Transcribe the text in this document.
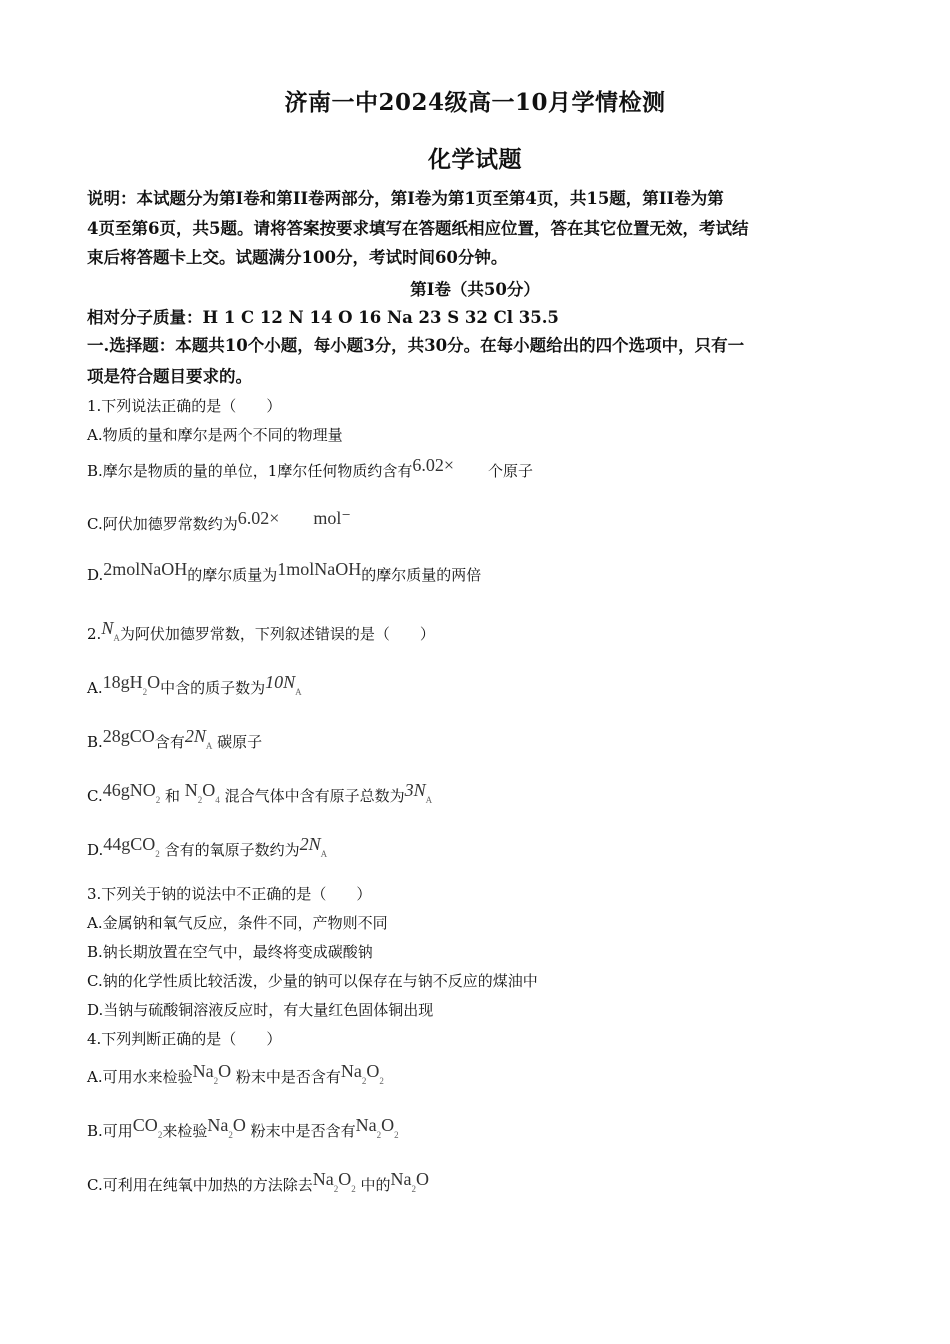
济南一中2024级高一10月学情检测
化学试题
说明：本试题分为第I卷和第II卷两部分，第I卷为第1页至第4页，共15题，第II卷为第
4页至第6页，共5题。请将答案按要求填写在答题纸相应位置，答在其它位置无效，考试结
束后将答题卡上交。试题满分100分，考试时间60分钟。
第I卷（共50分）
相对分子质量：H 1 C 12 N 14 O 16 Na 23 S 32 Cl 35.5
一.选择题：本题共10个小题，每小题3分，共30分。在每小题给出的四个选项中，只有一
项是符合题目要求的。
1.下列说法正确的是（　　）
A.物质的量和摩尔是两个不同的物理量
B.摩尔是物质的量的单位，1摩尔任何物质约含有6.02× 个原子
C.阿伏加德罗常数约为6.02× mol⁻
D.2molNaOH的摩尔质量为1molNaOH的摩尔质量的两倍
2.NA为阿伏加德罗常数，下列叙述错误的是（　　）
A.18gH2O中含的质子数为10NA
B.28gCO含有2NA 碳原子
C.46gNO2 和 N2O4 混合气体中含有原子总数为3NA
D.44gCO2 含有的氧原子数约为2NA
3.下列关于钠的说法中不正确的是（　　）
A.金属钠和氧气反应，条件不同，产物则不同
B.钠长期放置在空气中，最终将变成碳酸钠
C.钠的化学性质比较活泼，少量的钠可以保存在与钠不反应的煤油中
D.当钠与硫酸铜溶液反应时，有大量红色固体铜出现
4.下列判断正确的是（　　）
A.可用水来检验Na2O 粉末中是否含有Na2O2
B.可用CO2来检验Na2O 粉末中是否含有Na2O2
C.可利用在纯氧中加热的方法除去Na2O2 中的Na2O
